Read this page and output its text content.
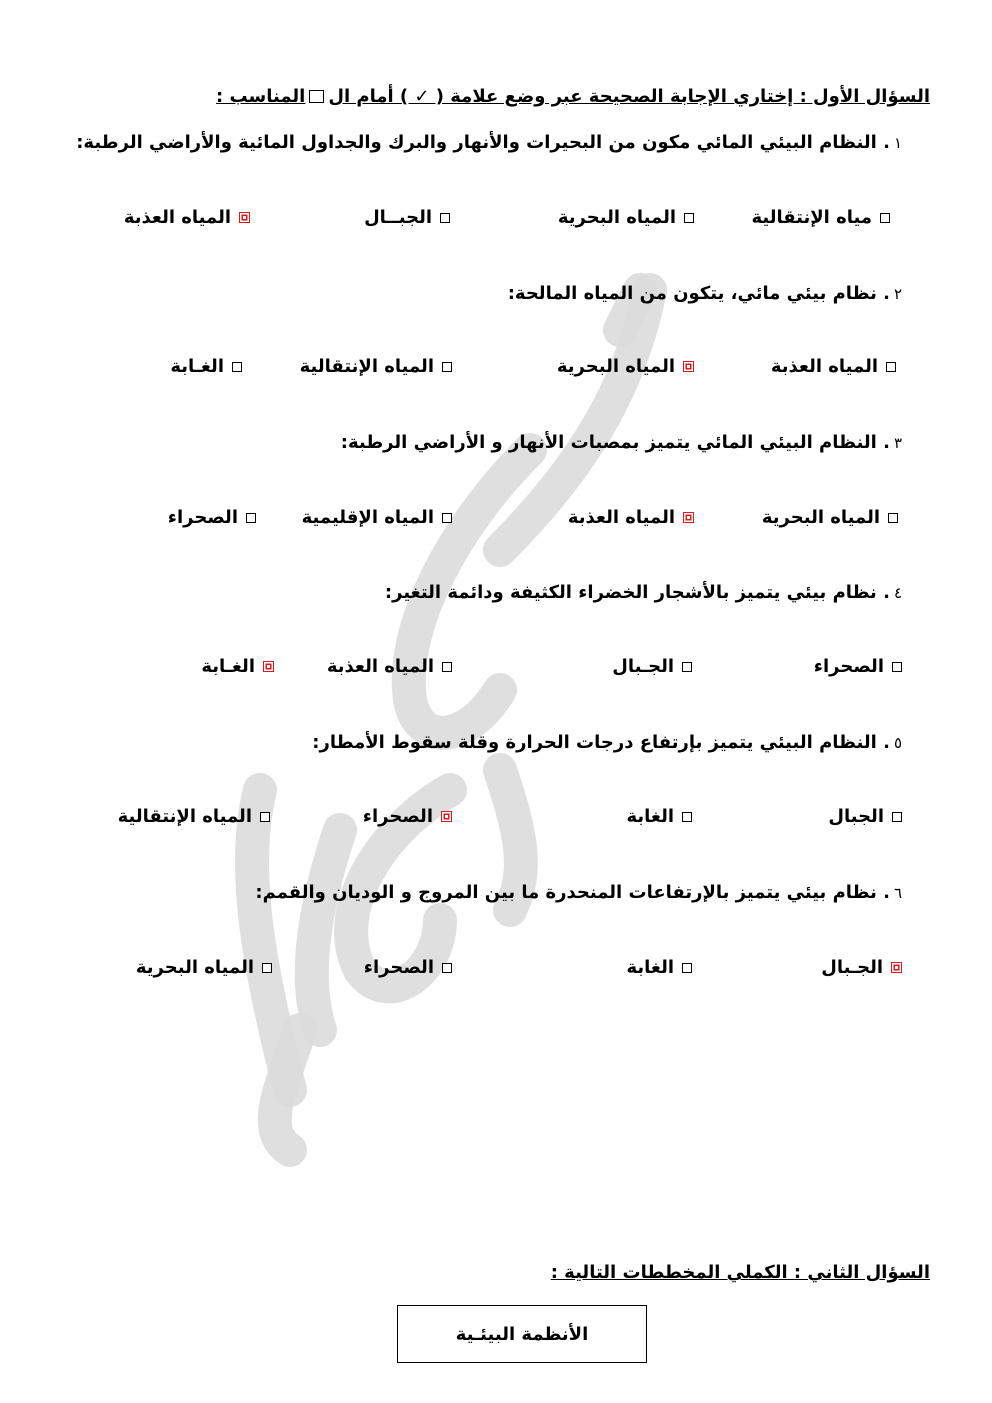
السؤال الأول : إختاري الإجابة الصحيحة عبر وضع علامة ( ✓ ) أمام الالمناسب :
١. النظام البيئي المائي مكون من البحيرات والأنهار والبرك والجداول المائية والأراضي الرطبة:
مياه الإنتقالية
المياه البحرية
الجبــال
المياه العذبة
٢. نظام بيئي مائي، يتكون من المياه المالحة:
المياه العذبة
المياه البحرية
المياه الإنتقالية
الغـابة
٣. النظام البيئي المائي يتميز بمصبات الأنهار و الأراضي الرطبة:
المياه البحرية
المياه العذبة
المياه الإقليمية
الصحراء
٤. نظام بيئي يتميز بالأشجار الخضراء الكثيفة ودائمة التغير:
الصحراء
الجـبال
المياه العذبة
الغـابة
٥. النظام البيئي يتميز بإرتفاع درجات الحرارة وقلة سقوط الأمطار:
الجبال
الغابة
الصحراء
المياه الإنتقالية
٦. نظام بيئي يتميز بالإرتفاعات المنحدرة ما بين المروج و الوديان والقمم:
الجـبال
الغابة
الصحراء
المياه البحرية
السؤال الثاني : الكملي المخططات التالية :
الأنظمة البيئـية
